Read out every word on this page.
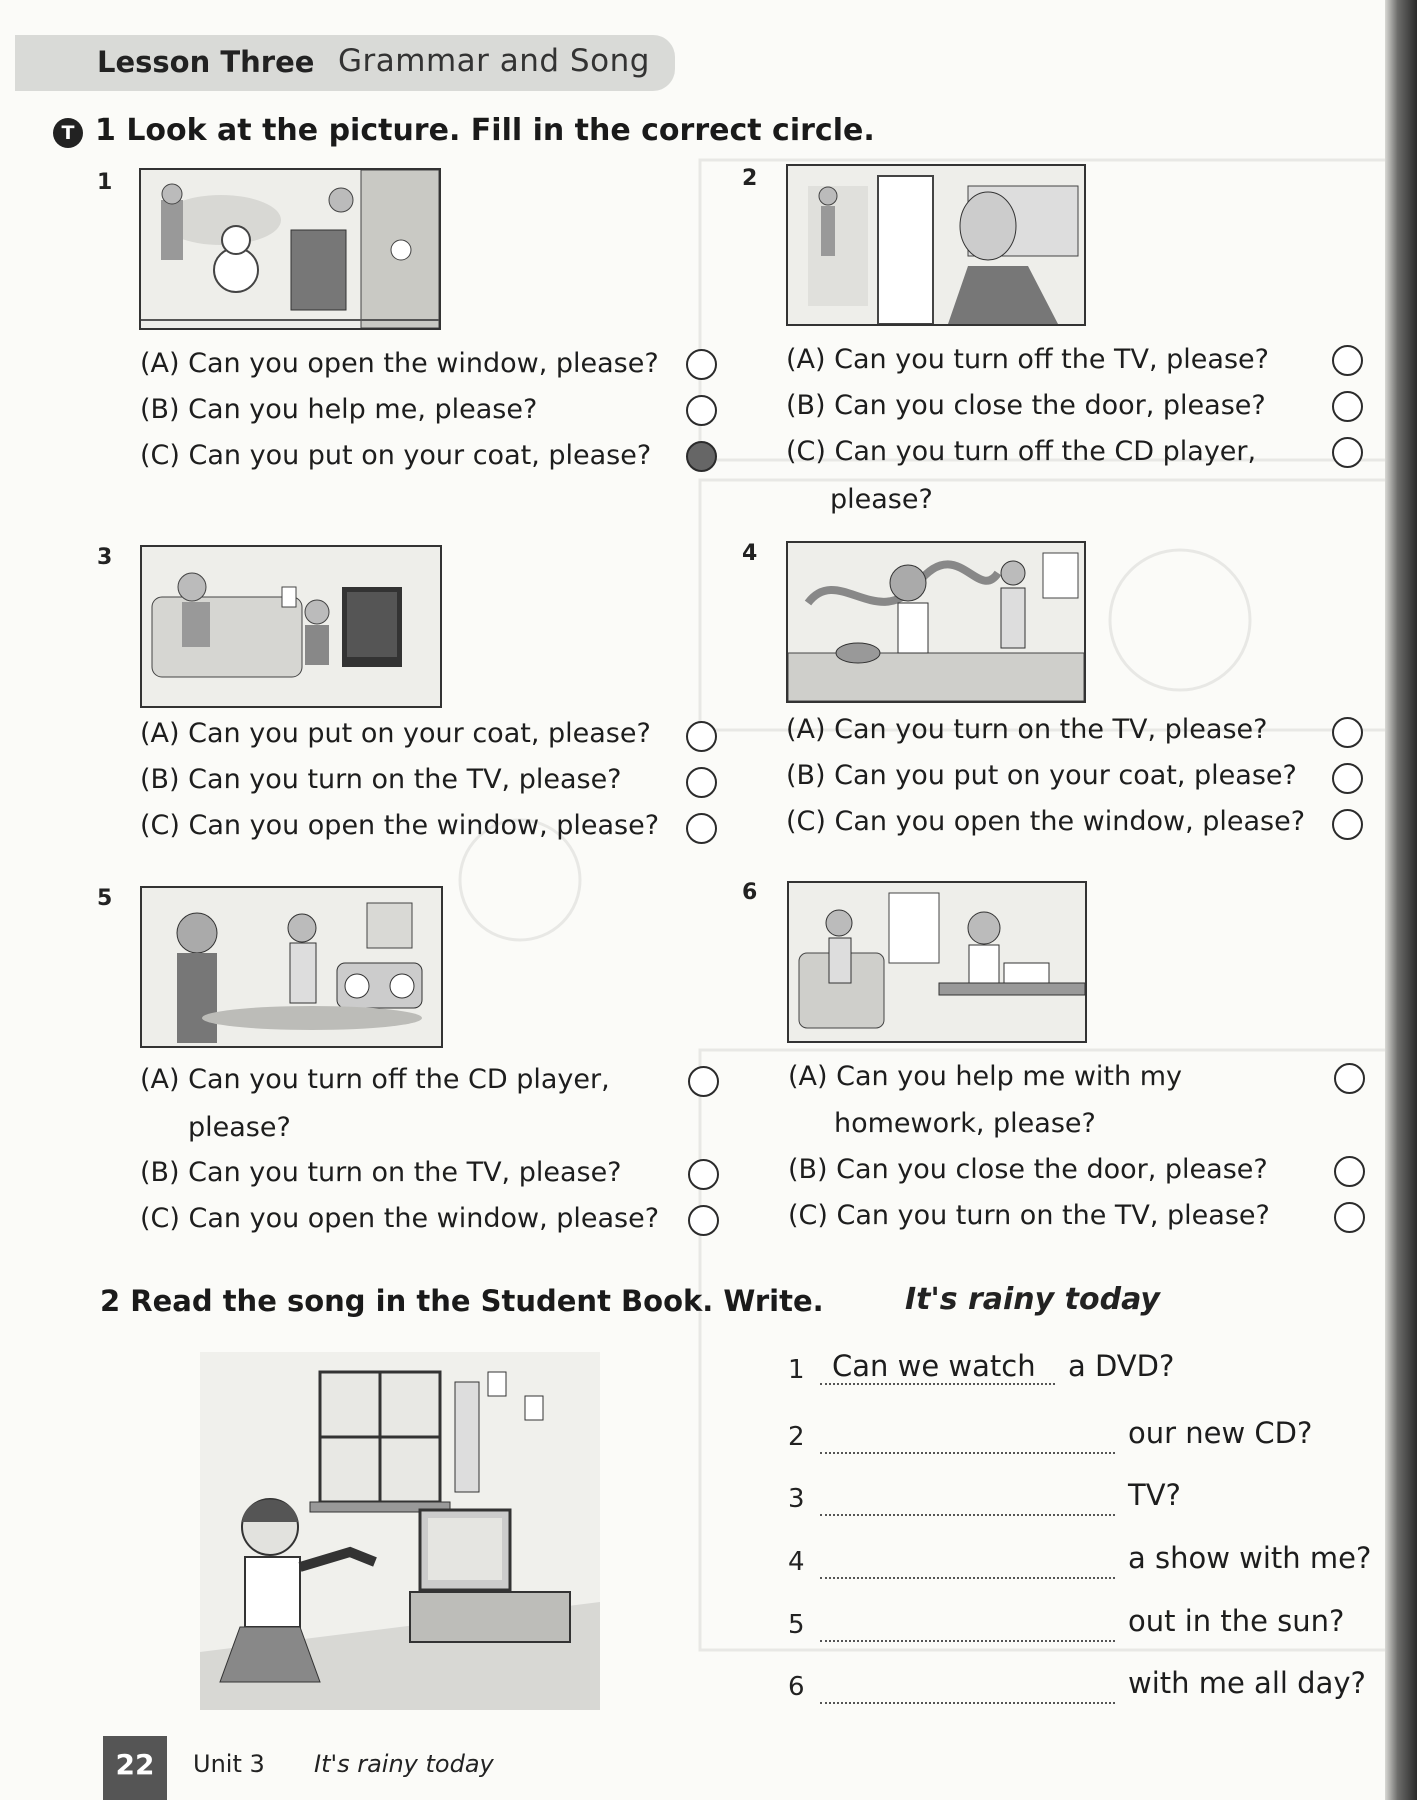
Lesson Three Grammar and Song
T 1 Look at the picture. Fill in the correct circle.
1
(A) Can you open the window, please?
(B) Can you help me, please?
(C) Can you put on your coat, please?
2
(A) Can you turn off the TV, please?
(B) Can you close the door, please?
(C) Can you turn off the CD player,
please?
3
(A) Can you put on your coat, please?
(B) Can you turn on the TV, please?
(C) Can you open the window, please?
4
(A) Can you turn on the TV, please?
(B) Can you put on your coat, please?
(C) Can you open the window, please?
5
(A) Can you turn off the CD player,
please?
(B) Can you turn on the TV, please?
(C) Can you open the window, please?
6
(A) Can you help me with my
homework, please?
(B) Can you close the door, please?
(C) Can you turn on the TV, please?
2 Read the song in the Student Book. Write.	It's rainy today
1 Can we watch a DVD?
2	our new CD?
3	TV?
4	a show with me?
5	out in the sun?
6	with me all day?
22	Unit 3 It's rainy today
